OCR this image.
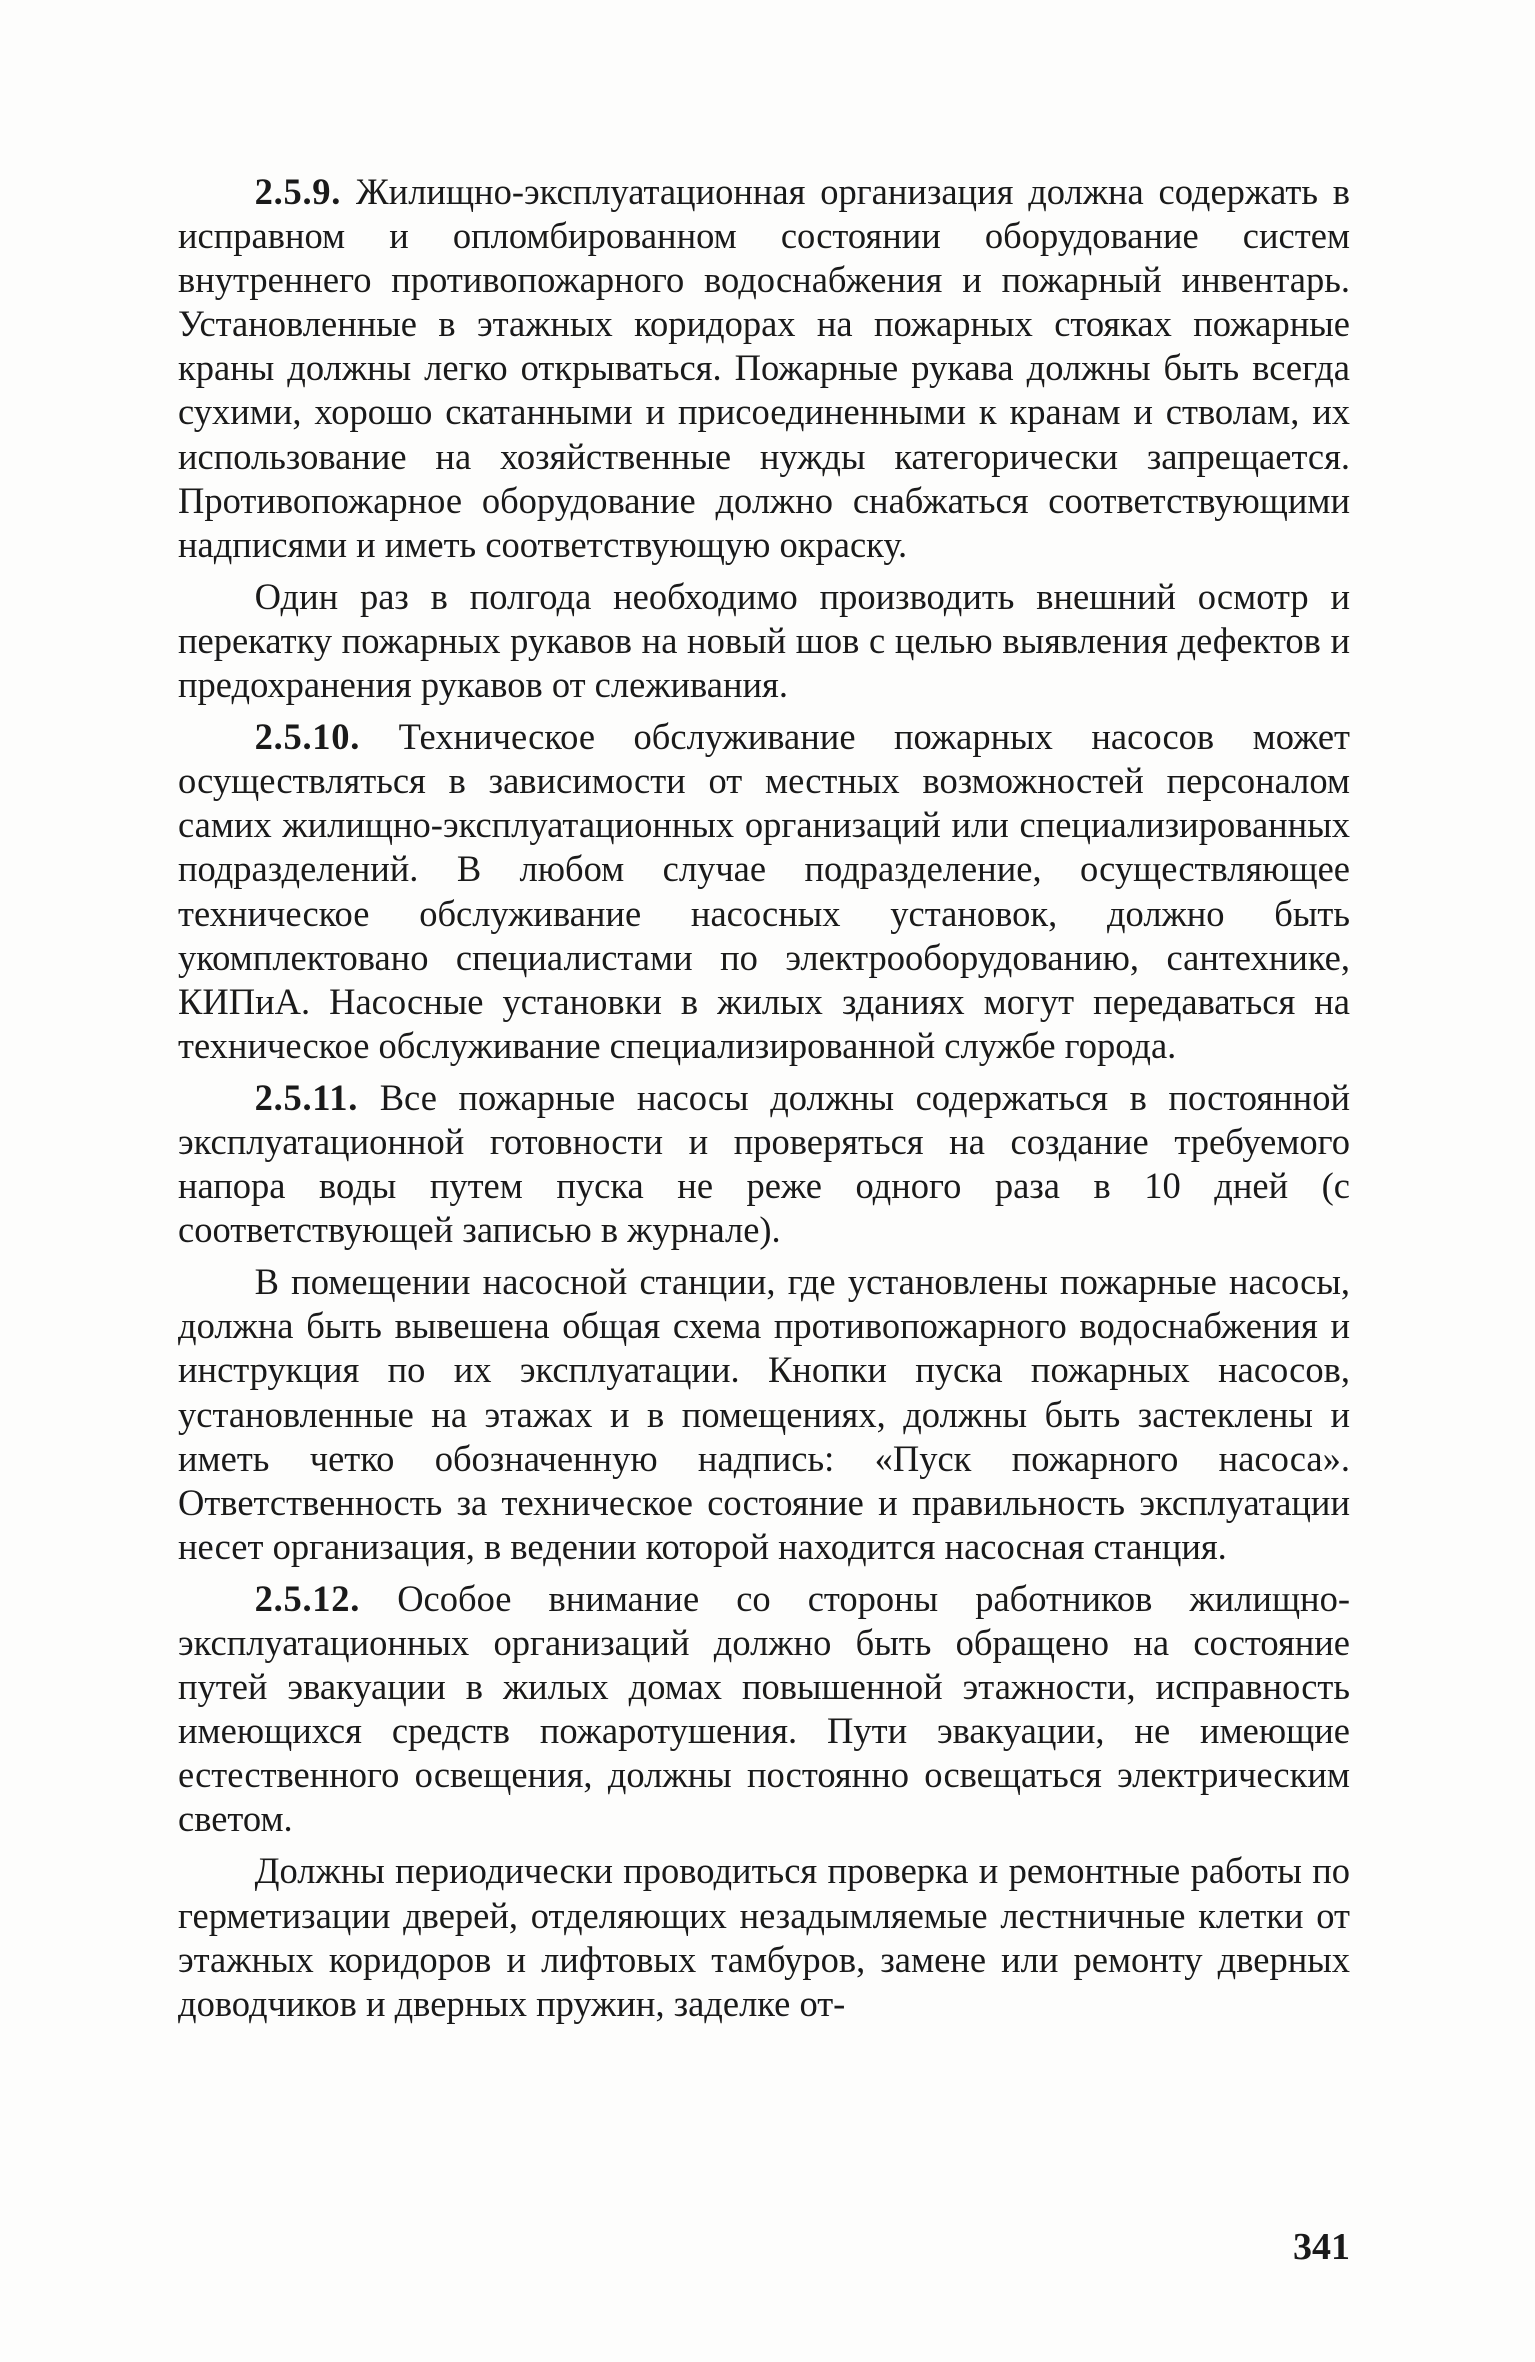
2.5.9. Жилищно-эксплуатационная организация должна содержать в исправном и опломбированном состоянии оборудование систем внутреннего противопожарного водоснабжения и пожарный инвентарь. Установленные в этажных коридорах на пожарных стояках пожарные краны должны легко открываться. Пожарные рукава должны быть всегда сухими, хорошо скатанными и присоединенными к кранам и стволам, их использование на хозяйственные нужды категорически запрещается. Противопожарное оборудование должно снабжаться соответствующими надписями и иметь соответствующую окраску.

Один раз в полгода необходимо производить внешний осмотр и перекатку пожарных рукавов на новый шов с целью выявления дефектов и предохранения рукавов от слеживания.

2.5.10. Техническое обслуживание пожарных насосов может осуществляться в зависимости от местных возможностей персоналом самих жилищно-эксплуатационных организаций или специализированных подразделений. В любом случае подразделение, осуществляющее техническое обслуживание насосных установок, должно быть укомплектовано специалистами по электрооборудованию, сантехнике, КИПиА. Насосные установки в жилых зданиях могут передаваться на техническое обслуживание специализированной службе города.

2.5.11. Все пожарные насосы должны содержаться в постоянной эксплуатационной готовности и проверяться на создание требуемого напора воды путем пуска не реже одного раза в 10 дней (с соответствующей записью в журнале).

В помещении насосной станции, где установлены пожарные насосы, должна быть вывешена общая схема противопожарного водоснабжения и инструкция по их эксплуатации. Кнопки пуска пожарных насосов, установленные на этажах и в помещениях, должны быть застеклены и иметь четко обозначенную надпись: «Пуск пожарного насоса». Ответственность за техническое состояние и правильность эксплуатации несет организация, в ведении которой находится насосная станция.

2.5.12. Особое внимание со стороны работников жилищно-эксплуатационных организаций должно быть обращено на состояние путей эвакуации в жилых домах повышенной этажности, исправность имеющихся средств пожаротушения. Пути эвакуации, не имеющие естественного освещения, должны постоянно освещаться электрическим светом.

Должны периодически проводиться проверка и ремонтные работы по герметизации дверей, отделяющих незадымляемые лестничные клетки от этажных коридоров и лифтовых тамбуров, замене или ремонту дверных доводчиков и дверных пружин, заделке от-

341
